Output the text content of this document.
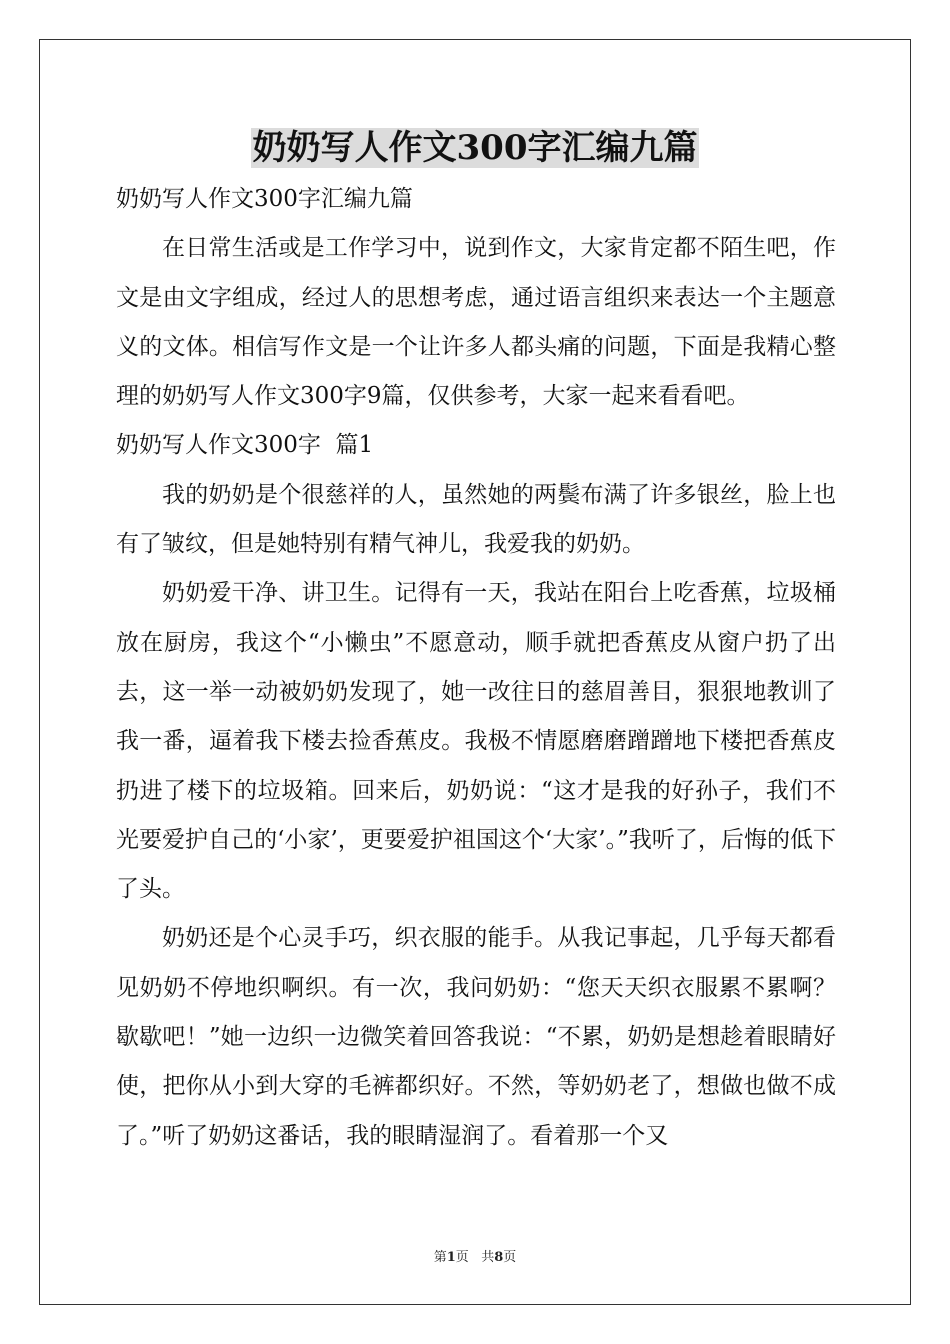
奶奶写人作文300字汇编九篇

奶奶写人作文300字汇编九篇

在日常生活或是工作学习中，说到作文，大家肯定都不陌生吧，作文是由文字组成，经过人的思想考虑，通过语言组织来表达一个主题意义的文体。相信写作文是一个让许多人都头痛的问题，下面是我精心整理的奶奶写人作文300字9篇，仅供参考，大家一起来看看吧。

奶奶写人作文300字  篇1

我的奶奶是个很慈祥的人，虽然她的两鬓布满了许多银丝，脸上也有了皱纹，但是她特别有精气神儿，我爱我的奶奶。

奶奶爱干净、讲卫生。记得有一天，我站在阳台上吃香蕉，垃圾桶放在厨房，我这个“小懒虫”不愿意动，顺手就把香蕉皮从窗户扔了出去，这一举一动被奶奶发现了，她一改往日的慈眉善目，狠狠地教训了我一番，逼着我下楼去捡香蕉皮。我极不情愿磨磨蹭蹭地下楼把香蕉皮扔进了楼下的垃圾箱。回来后，奶奶说：“这才是我的好孙子，我们不光要爱护自己的‘小家’，更要爱护祖国这个‘大家’。”我听了，后悔的低下了头。

奶奶还是个心灵手巧，织衣服的能手。从我记事起，几乎每天都看见奶奶不停地织啊织。有一次，我问奶奶：“您天天织衣服累不累啊？歇歇吧！”她一边织一边微笑着回答我说：“不累，奶奶是想趁着眼睛好使，把你从小到大穿的毛裤都织好。不然，等奶奶老了，想做也做不成了。”听了奶奶这番话，我的眼睛湿润了。看着那一个又

第1页 共8页
